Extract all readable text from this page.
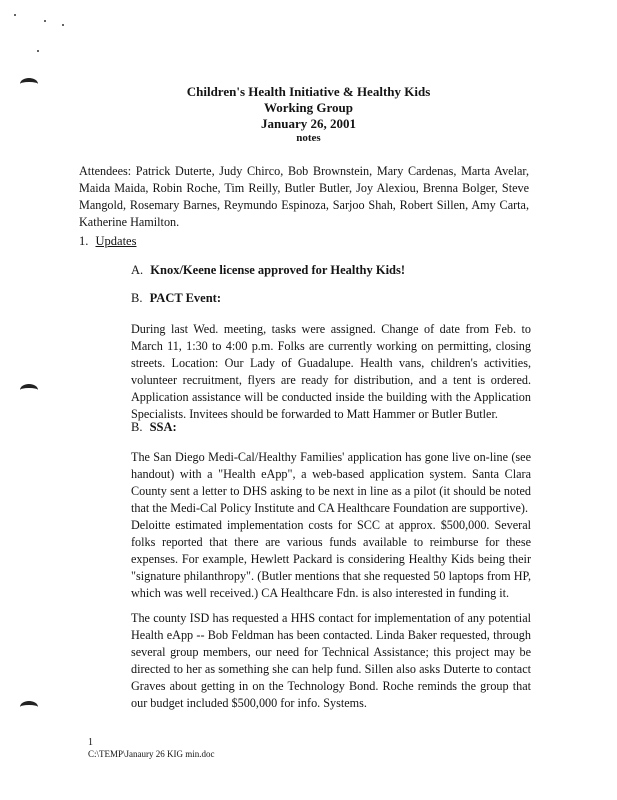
Children's Health Initiative & Healthy Kids
Working Group
January 26, 2001
notes
Attendees: Patrick Duterte, Judy Chirco, Bob Brownstein, Mary Cardenas, Marta Avelar, Maida Maida, Robin Roche, Tim Reilly, Butler Butler, Joy Alexiou, Brenna Bolger, Steve Mangold, Rosemary Barnes, Reymundo Espinoza, Sarjoo Shah, Robert Sillen, Amy Carta, Katherine Hamilton.
1. Updates
A. Knox/Keene license approved for Healthy Kids!
B. PACT Event:
During last Wed. meeting, tasks were assigned. Change of date from Feb. to March 11, 1:30 to 4:00 p.m. Folks are currently working on permitting, closing streets. Location: Our Lady of Guadalupe. Health vans, children's activities, volunteer recruitment, flyers are ready for distribution, and a tent is ordered. Application assistance will be conducted inside the building with the Application Specialists. Invitees should be forwarded to Matt Hammer or Butler Butler.
B. SSA:
The San Diego Medi-Cal/Healthy Families' application has gone live on-line (see handout) with a "Health eApp", a web-based application system. Santa Clara County sent a letter to DHS asking to be next in line as a pilot (it should be noted that the Medi-Cal Policy Institute and CA Healthcare Foundation are supportive).
Deloitte estimated implementation costs for SCC at approx. $500,000. Several folks reported that there are various funds available to reimburse for these expenses. For example, Hewlett Packard is considering Healthy Kids being their "signature philanthropy". (Butler mentions that she requested 50 laptops from HP, which was well received.) CA Healthcare Fdn. is also interested in funding it.
The county ISD has requested a HHS contact for implementation of any potential Health eApp -- Bob Feldman has been contacted. Linda Baker requested, through several group members, our need for Technical Assistance; this project may be directed to her as something she can help fund. Sillen also asks Duterte to contact Graves about getting in on the Technology Bond. Roche reminds the group that our budget included $500,000 for info. Systems.
1
C:\TEMP\Janaury 26 KIG min.doc
